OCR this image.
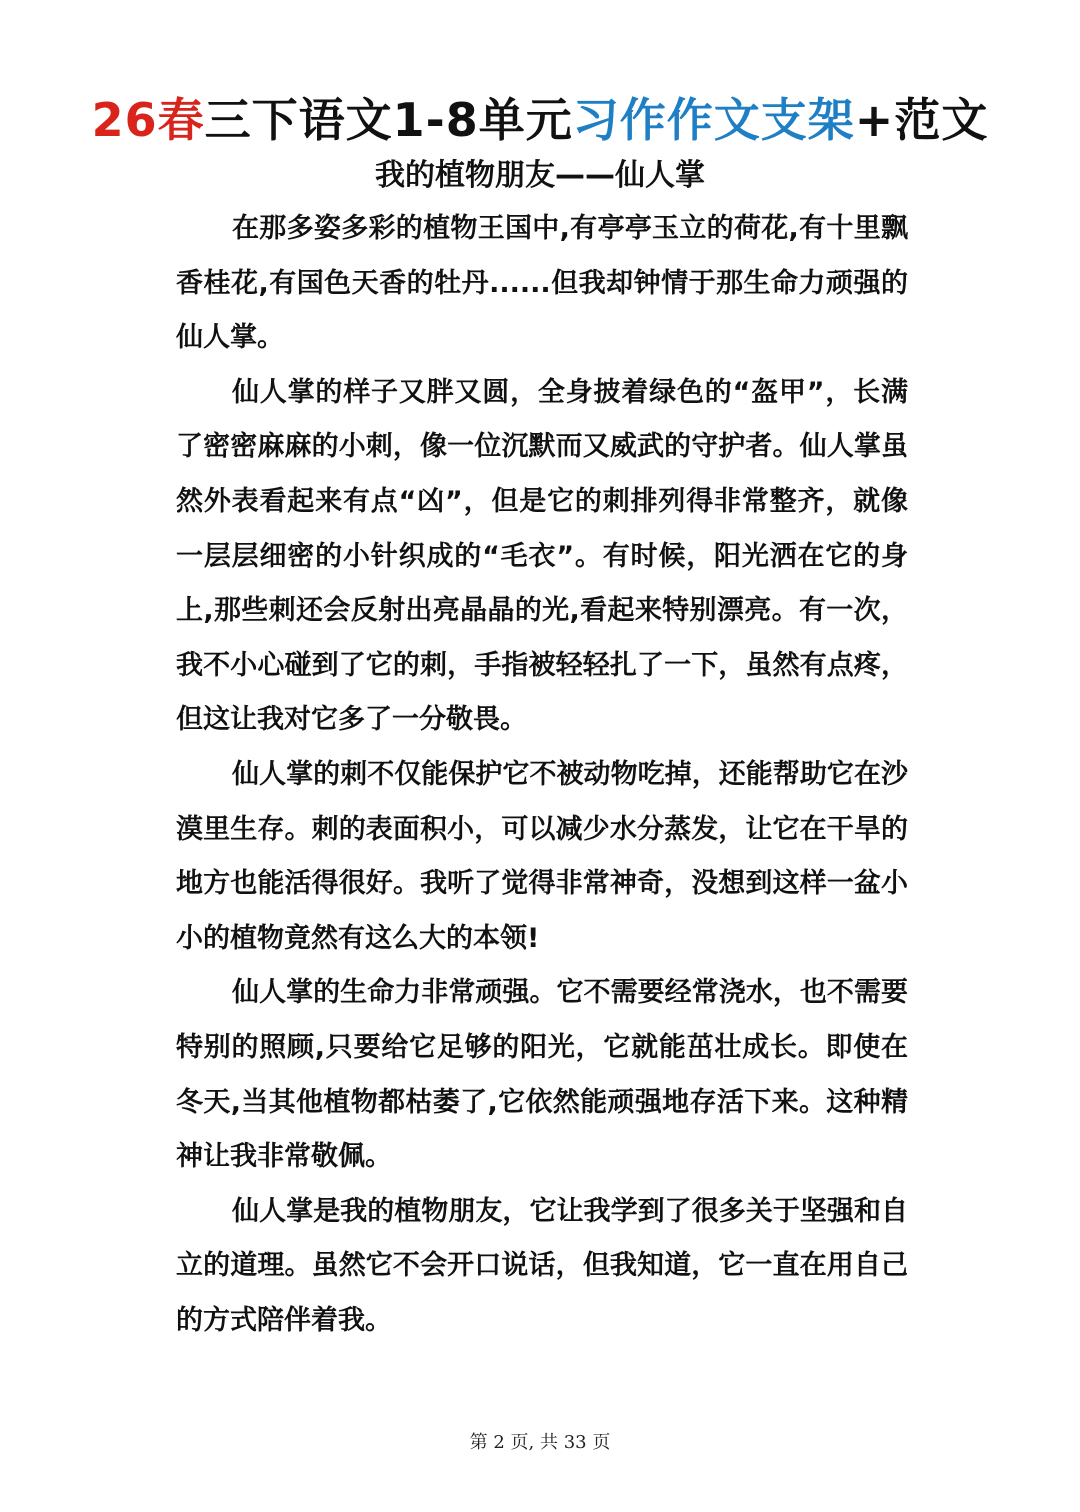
26春三下语文1-8单元习作作文支架+范文
我的植物朋友——仙人掌

在那多姿多彩的植物王国中,有亭亭玉立的荷花,有十里飘香桂花,有国色天香的牡丹......但我却钟情于那生命力顽强的仙人掌。

仙人掌的样子又胖又圆，全身披着绿色的“盔甲”，长满了密密麻麻的小刺，像一位沉默而又威武的守护者。仙人掌虽然外表看起来有点“凶”，但是它的刺排列得非常整齐，就像一层层细密的小针织成的“毛衣”。有时候，阳光洒在它的身上,那些刺还会反射出亮晶晶的光,看起来特别漂亮。有一次，我不小心碰到了它的刺，手指被轻轻扎了一下，虽然有点疼，但这让我对它多了一分敬畏。

仙人掌的刺不仅能保护它不被动物吃掉，还能帮助它在沙漠里生存。刺的表面积小，可以减少水分蒸发，让它在干旱的地方也能活得很好。我听了觉得非常神奇，没想到这样一盆小小的植物竟然有这么大的本领!

仙人掌的生命力非常顽强。它不需要经常浇水，也不需要特别的照顾,只要给它足够的阳光，它就能茁壮成长。即使在冬天,当其他植物都枯萎了,它依然能顽强地存活下来。这种精神让我非常敬佩。

仙人掌是我的植物朋友，它让我学到了很多关于坚强和自立的道理。虽然它不会开口说话，但我知道，它一直在用自己的方式陪伴着我。

第 2 页, 共 33 页
